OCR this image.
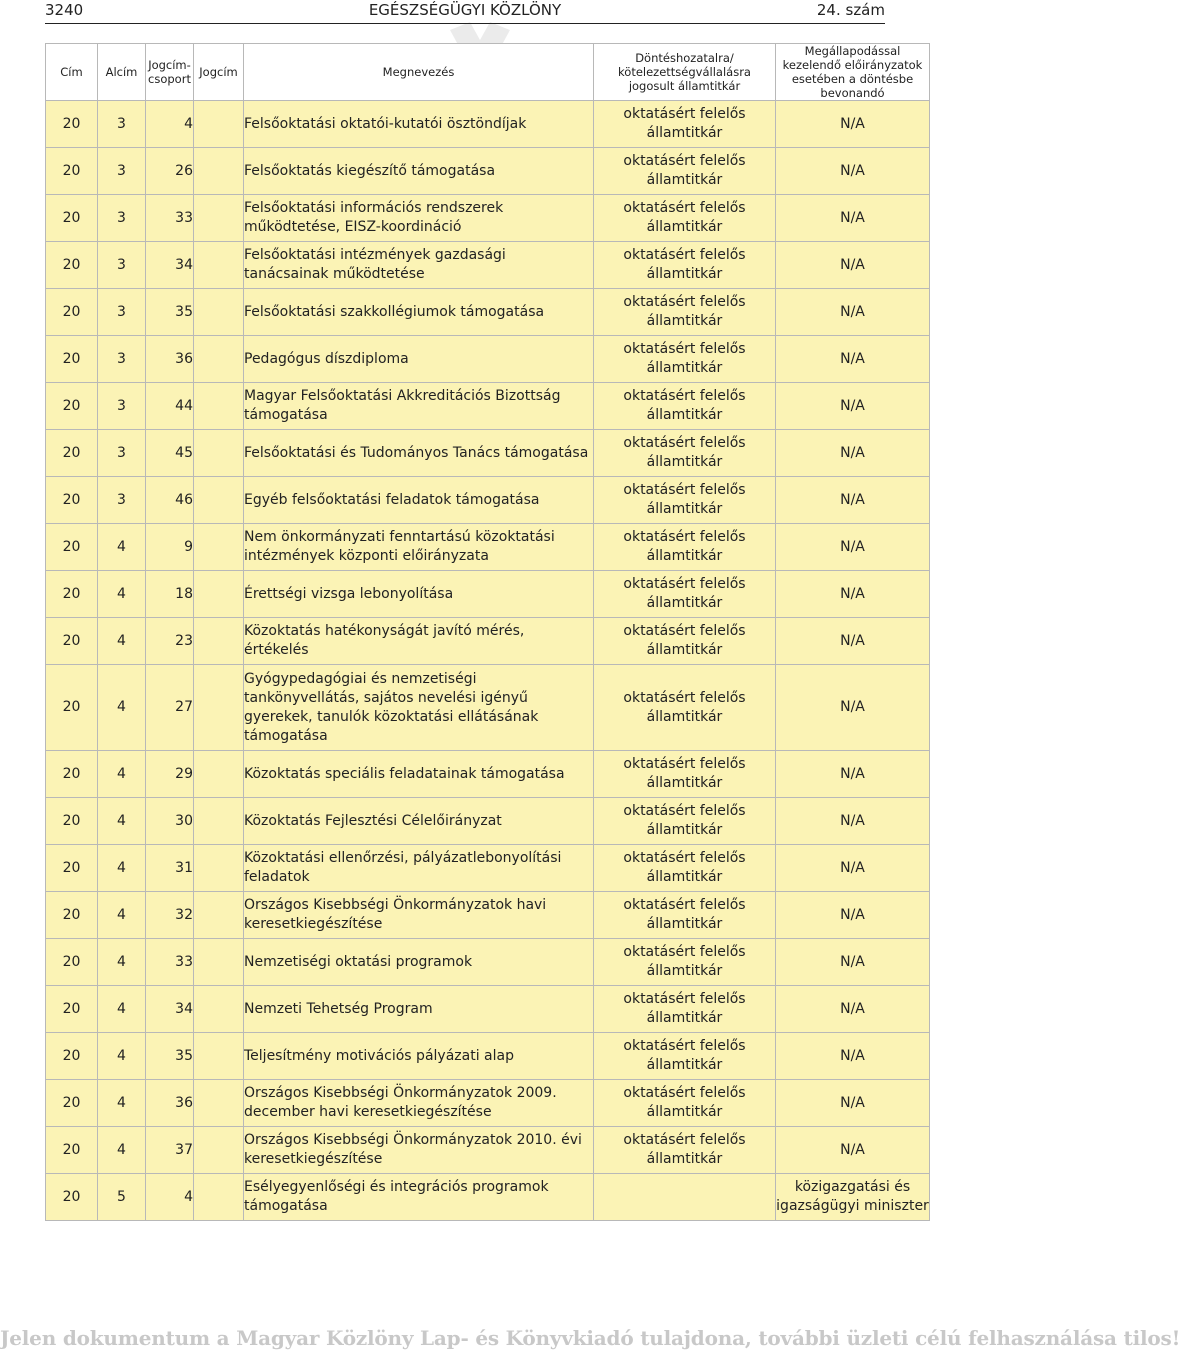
3240	EGÉSZSÉGÜGYI KÖZLÖNY	24. szám
Cím	Alcím	Jogcím-csoport	Jogcím	Megnevezés	Döntéshozatalra/ kötelezettségvállalásra jogosult államtitkár	Megállapodással kezelendő előirányzatok esetében a döntésbe bevonandó
20	3	4		Felsőoktatási oktatói-kutatói ösztöndíjak	oktatásért felelős államtitkár	N/A
20	3	26		Felsőoktatás kiegészítő támogatása	oktatásért felelős államtitkár	N/A
20	3	33		Felsőoktatási információs rendszerek működtetése, EISZ-koordináció	oktatásért felelős államtitkár	N/A
20	3	34		Felsőoktatási intézmények gazdasági tanácsainak működtetése	oktatásért felelős államtitkár	N/A
20	3	35		Felsőoktatási szakkollégiumok támogatása	oktatásért felelős államtitkár	N/A
20	3	36		Pedagógus díszdiploma	oktatásért felelős államtitkár	N/A
20	3	44		Magyar Felsőoktatási Akkreditációs Bizottság támogatása	oktatásért felelős államtitkár	N/A
20	3	45		Felsőoktatási és Tudományos Tanács támogatása	oktatásért felelős államtitkár	N/A
20	3	46		Egyéb felsőoktatási feladatok támogatása	oktatásért felelős államtitkár	N/A
20	4	9		Nem önkormányzati fenntartású közoktatási intézmények központi előirányzata	oktatásért felelős államtitkár	N/A
20	4	18		Érettségi vizsga lebonyolítása	oktatásért felelős államtitkár	N/A
20	4	23		Közoktatás hatékonyságát javító mérés, értékelés	oktatásért felelős államtitkár	N/A
20	4	27		Gyógypedagógiai és nemzetiségi tankönyvellátás, sajátos nevelési igényű gyerekek, tanulók közoktatási ellátásának támogatása	oktatásért felelős államtitkár	N/A
20	4	29		Közoktatás speciális feladatainak támogatása	oktatásért felelős államtitkár	N/A
20	4	30		Közoktatás Fejlesztési Célelőirányzat	oktatásért felelős államtitkár	N/A
20	4	31		Közoktatási ellenőrzési, pályázatlebonyolítási feladatok	oktatásért felelős államtitkár	N/A
20	4	32		Országos Kisebbségi Önkormányzatok havi keresetkiegészítése	oktatásért felelős államtitkár	N/A
20	4	33		Nemzetiségi oktatási programok	oktatásért felelős államtitkár	N/A
20	4	34		Nemzeti Tehetség Program	oktatásért felelős államtitkár	N/A
20	4	35		Teljesítmény motivációs pályázati alap	oktatásért felelős államtitkár	N/A
20	4	36		Országos Kisebbségi Önkormányzatok 2009. december havi keresetkiegészítése	oktatásért felelős államtitkár	N/A
20	4	37		Országos Kisebbségi Önkormányzatok 2010. évi keresetkiegészítése	oktatásért felelős államtitkár	N/A
20	5	4		Esélyegyenlőségi és integrációs programok támogatása		közigazgatási és igazságügyi miniszter
Jelen dokumentum a Magyar Közlöny Lap- és Könyvkiadó tulajdona, további üzleti célú felhasználása tilos!
